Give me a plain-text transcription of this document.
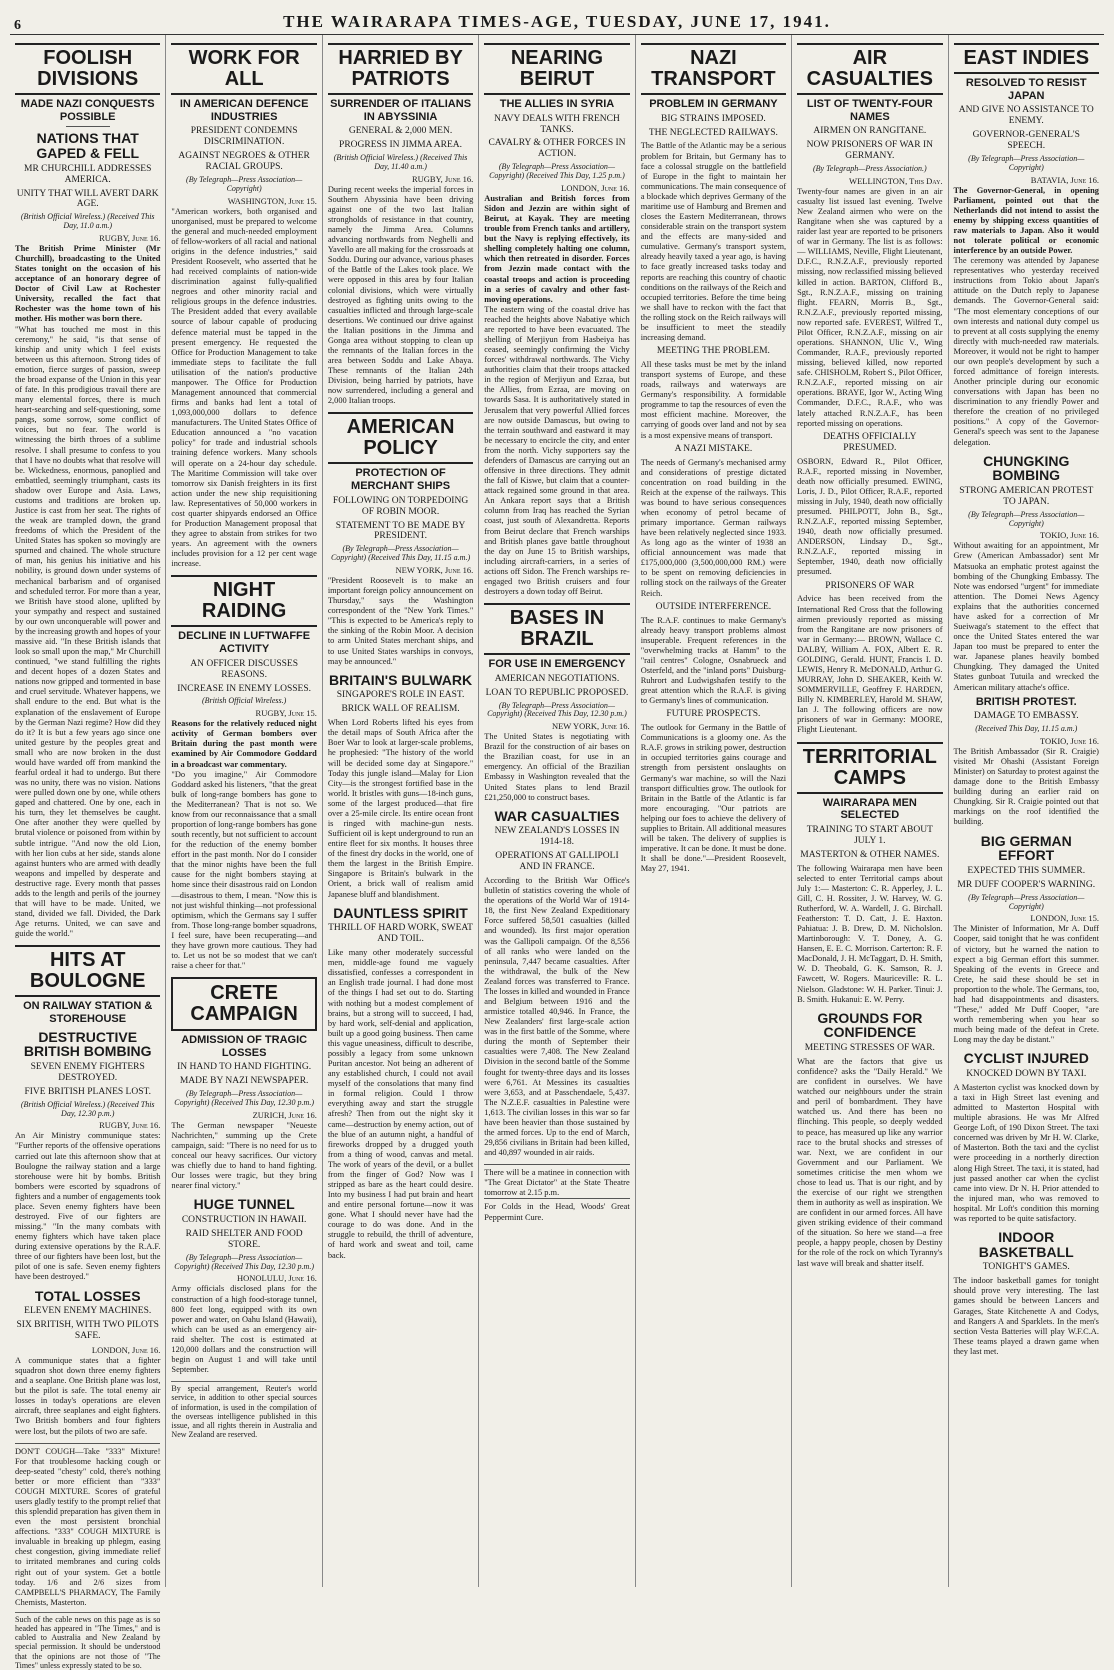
6	THE WAIRARAPA TIMES-AGE, TUESDAY, JUNE 17, 1941.
FOOLISH DIVISIONS
MADE NAZI CONQUESTS POSSIBLE
NATIONS THAT GAPED & FELL
MR CHURCHILL ADDRESSES AMERICA.
UNITY THAT WILL AVERT DARK AGE.
(British Official Wireless.) (Received This Day, 11.0 a.m.)
RUGBY, June 16.

The British Prime Minister (Mr Churchill), broadcasting to the United States tonight on the occasion of his acceptance of an honorary degree of Doctor of Civil Law at Rochester University, recalled the fact that Rochester was the home town of his mother. His mother was born there.

"What has touched me most in this ceremony," he said, "is that sense of kinship and unity which I feel exists between us this afternoon. Strong tides of emotion, fierce surges of passion, sweep the broad expanse of the Union in this year of fate. In this prodigious travail there are many elemental forces, there is much heart-searching and self-questioning, some pangs, some sorrow, some conflict of voices, but no fear. The world is witnessing the birth throes of a sublime resolve. I shall presume to confess to you that I have no doubts what that resolve will be. Wickedness, enormous, panoplied and embattled, seemingly triumphant, casts its shadow over Europe and Asia. Laws, customs and traditions are broken up. Justice is cast from her seat. The rights of the weak are trampled down, the grand freedoms of which the President of the United States has spoken so movingly are spurned and chained. The whole structure of man, his genius his initiative and his nobility, is ground down under systems of mechanical barbarism and of organised and scheduled terror. For more than a year, we British have stood alone, uplifted by your sympathy and respect and sustained by our own unconquerable will power and by the increasing growth and hopes of your massive aid. "In these British islands that look so small upon the map," Mr Churchill continued, "we stand fulfilling the rights and decent hopes of a dozen States and nations now gripped and tormented in base and cruel servitude. Whatever happens, we shall endure to the end. But what is the explanation of the enslavement of Europe by the German Nazi regime? How did they do it? It is but a few years ago since one united gesture by the peoples great and small who are now broken in the dust would have warded off from mankind the fearful ordeal it had to undergo. But there was no unity, there was no vision. Nations were pulled down one by one, while others gaped and chattered. One by one, each in his turn, they let themselves be caught. One after another they were quelled by brutal violence or poisoned from within by subtle intrigue. "And now the old Lion, with her lion cubs at her side, stands alone against hunters who are armed with deadly weapons and impelled by desperate and destructive rage. Every month that passes adds to the length and perils of the journey that will have to be made. United, we stand, divided we fall. Divided, the Dark Age returns. United, we can save and guide the world."

HITS AT BOULOGNE
ON RAILWAY STATION & STOREHOUSE
DESTRUCTIVE BRITISH BOMBING
SEVEN ENEMY FIGHTERS DESTROYED.
FIVE BRITISH PLANES LOST.
(British Official Wireless.) (Received This Day, 12.30 p.m.)
RUGBY, June 16.

An Air Ministry communique states: "Further reports of the offensive operations carried out late this afternoon show that at Boulogne the railway station and a large storehouse were hit by bombs. British bombers were escorted by squadrons of fighters and a number of engagements took place. Seven enemy fighters have been destroyed. Five of our fighters are missing." "In the many combats with enemy fighters which have taken place during extensive operations by the R.A.F. three of our fighters have been lost, but the pilot of one is safe. Seven enemy fighters have been destroyed."

TOTAL LOSSES
ELEVEN ENEMY MACHINES.
SIX BRITISH, WITH TWO PILOTS SAFE.
LONDON, June 16.

A communique states that a fighter squadron shot down three enemy fighters and a seaplane. One British plane was lost, but the pilot is safe. The total enemy air losses in today's operations are eleven aircraft, three seaplanes and eight fighters. Two British bombers and four fighters were lost, but the pilots of two are safe.

DON'T COUGH—Take "333" Mixture! For that troublesome hacking cough or deep-seated "chesty" cold, there's nothing better or more efficient than "333" COUGH MIXTURE. Scores of grateful users gladly testify to the prompt relief that this splendid preparation has given them in even the most persistent bronchial affections. "333" COUGH MIXTURE is invaluable in breaking up phlegm, easing chest congestion, giving immediate relief to irritated membranes and curing colds right out of your system. Get a bottle today. 1/6 and 2/6 sizes from CAMPBELL'S PHARMACY, The Family Chemists, Masterton.
Such of the cable news on this page as is so headed has appeared in "The Times," and is cabled to Australia and New Zealand by special permission. It should be understood that the opinions are not those of "The Times" unless expressly stated to be so.
WORK FOR ALL
IN AMERICAN DEFENCE INDUSTRIES
PRESIDENT CONDEMNS DISCRIMINATION.
AGAINST NEGROES & OTHER RACIAL GROUPS.
(By Telegraph—Press Association—Copyright)
WASHINGTON, June 15.

"American workers, both organised and unorganised, must be prepared to welcome the general and much-needed employment of fellow-workers of all racial and national origins in the defence industries," said President Roosevelt, who asserted that he had received complaints of nation-wide discrimination against fully-qualified negroes and other minority racial and religious groups in the defence industries. The President added that every available source of labour capable of producing defence material must be tapped in the present emergency. He requested the Office for Production Management to take immediate steps to facilitate the full utilisation of the nation's productive manpower. The Office for Production Management announced that commercial firms and banks had lent a total of 1,093,000,000 dollars to defence manufacturers. The United States Office of Education announced a "no vacation policy" for trade and industrial schools training defence workers. Many schools will operate on a 24-hour day schedule. The Maritime Commission will take over tomorrow six Danish freighters in its first action under the new ship requisitioning law. Representatives of 50,000 workers in cost quarter shipyards endorsed an Office for Production Management proposal that they agree to abstain from strikes for two years. An agreement with the owners includes provision for a 12 per cent wage increase.

NIGHT RAIDING
DECLINE IN LUFTWAFFE ACTIVITY
AN OFFICER DISCUSSES REASONS.
INCREASE IN ENEMY LOSSES.
(British Official Wireless.)
RUGBY, June 15.

Reasons for the relatively reduced night activity of German bombers over Britain during the past month were examined by Air Commodore Goddard in a broadcast war commentary.

"Do you imagine," Air Commodore Goddard asked his listeners, "that the great bulk of long-range bombers has gone to the Mediterranean? That is not so. We know from our reconnaissance that a small proportion of long-range bombers has gone south recently, but not sufficient to account for the reduction of the enemy bomber effort in the past month. Nor do I consider that the minor nights have been the full cause for the night bombers staying at home since their disastrous raid on London—disastrous to them, I mean. "Now this is not just wishful thinking—not professional optimism, which the Germans say I suffer from. Those long-range bomber squadrons, I feel sure, have been recuperating—and they have grown more cautious. They had to. Let us not be so modest that we can't raise a cheer for that."

CRETE CAMPAIGN
ADMISSION OF TRAGIC LOSSES
IN HAND TO HAND FIGHTING.
MADE BY NAZI NEWSPAPER.
(By Telegraph—Press Association—Copyright) (Received This Day, 12.30 p.m.)
ZURICH, June 16.

The German newspaper "Neueste Nachrichten," summing up the Crete campaign, said: "There is no need for us to conceal our heavy sacrifices. Our victory was chiefly due to hand to hand fighting. Our losses were tragic, but they bring nearer final victory."

HUGE TUNNEL
CONSTRUCTION IN HAWAII.
RAID SHELTER AND FOOD STORE.
(By Telegraph—Press Association—Copyright) (Received This Day, 12.30 p.m.)
HONOLULU, June 16.

Army officials disclosed plans for the construction of a high food-storage tunnel, 800 feet long, equipped with its own power and water, on Oahu Island (Hawaii), which can be used as an emergency air-raid shelter. The cost is estimated at 120,000 dollars and the construction will begin on August 1 and will take until September.

By special arrangement, Reuter's world service, in addition to other special sources of information, is used in the compilation of the overseas intelligence published in this issue, and all rights therein in Australia and New Zealand are reserved.
HARRIED BY PATRIOTS
SURRENDER OF ITALIANS IN ABYSSINIA
GENERAL & 2,000 MEN.
PROGRESS IN JIMMA AREA.
(British Official Wireless.) (Received This Day, 11.40 a.m.)
RUGBY, June 16.

During recent weeks the imperial forces in Southern Abyssinia have been driving against one of the two last Italian strongholds of resistance in that country, namely the Jimma Area. Columns advancing northwards from Neghelli and Yavello are all making for the crossroads at Soddu. During our advance, various phases of the Battle of the Lakes took place. We were opposed in this area by four Italian colonial divisions, which were virtually destroyed as fighting units owing to the casualties inflicted and through large-scale desertions. We continued our drive against the Italian positions in the Jimma and Gonga area without stopping to clean up the remnants of the Italian forces in the area between Soddu and Lake Abaya. These remnants of the Italian 24th Division, being harried by patriots, have now surrendered, including a general and 2,000 Italian troops.

AMERICAN POLICY
PROTECTION OF MERCHANT SHIPS
FOLLOWING ON TORPEDOING OF ROBIN MOOR.
STATEMENT TO BE MADE BY PRESIDENT.
(By Telegraph—Press Association—Copyright) (Received This Day, 11.15 a.m.)
NEW YORK, June 16.

"President Roosevelt is to make an important foreign policy announcement on Thursday," says the Washington correspondent of the "New York Times." "This is expected to be America's reply to the sinking of the Robin Moor. A decision to arm United States merchant ships, and to use United States warships in convoys, may be announced."

BRITAIN'S BULWARK
SINGAPORE'S ROLE IN EAST.
BRICK WALL OF REALISM.

When Lord Roberts lifted his eyes from the detail maps of South Africa after the Boer War to look at larger-scale problems, he prophesied: "The history of the world will be decided some day at Singapore." Today this jungle island—Malay for Lion City—is the strongest fortified base in the world. It bristles with guns—18-inch guns, some of the largest produced—that fire over a 25-mile circle. Its entire ocean front is ringed with machine-gun nests. Sufficient oil is kept underground to run an entire fleet for six months. It houses three of the finest dry docks in the world, one of them the largest in the British Empire. Singapore is Britain's bulwark in the Orient, a brick wall of realism amid Japanese bluff and blandishment.

DAUNTLESS SPIRIT
THRILL OF HARD WORK, SWEAT AND TOIL.

Like many other moderately successful men, middle-age found me vaguely dissatisfied, confesses a correspondent in an English trade journal. I had done most of the things I had set out to do. Starting with nothing but a modest complement of brains, but a strong will to succeed, I had, by hard work, self-denial and application, built up a good going business. Then came this vague uneasiness, difficult to describe, possibly a legacy from some unknown Puritan ancestor. Not being an adherent of any established church, I could not avail myself of the consolations that many find in formal religion. Could I throw everything away and start the struggle afresh? Then from out the night sky it came—destruction by enemy action, out of the blue of an autumn night, a handful of fireworks dropped by a drugged youth from a thing of wood, canvas and metal. The work of years of the devil, or a bullet from the finger of God? Now was I stripped as bare as the heart could desire. Into my business I had put brain and heart and entire personal fortune—now it was gone. What I should never have had the courage to do was done. And in the struggle to rebuild, the thrill of adventure, of hard work and sweat and toil, came back.

NEARING BEIRUT
THE ALLIES IN SYRIA
NAVY DEALS WITH FRENCH TANKS.
CAVALRY & OTHER FORCES IN ACTION.
(By Telegraph—Press Association—Copyright) (Received This Day, 1.25 p.m.)
LONDON, June 16.

Australian and British forces from Sidon and Jezzin are within sight of Beirut, at Kayak. They are meeting trouble from French tanks and artillery, but the Navy is replying effectively, its shelling completely halting one column, which then retreated in disorder. Forces from Jezzin made contact with the coastal troops and action is proceeding in a series of cavalry and other fast-moving operations.

The eastern wing of the coastal drive has reached the heights above Nabatiye which are reported to have been evacuated. The shelling of Merjiyun from Hasbeiya has ceased, seemingly confirming the Vichy forces' withdrawal northwards. The Vichy authorities claim that their troops attacked in the region of Merjiyun and Ezraa, but the Allies, from Ezraa, are moving on towards Sasa. It is authoritatively stated in Jerusalem that very powerful Allied forces are now outside Damascus, but owing to the terrain southward and eastward it may be necessary to encircle the city, and enter from the north. Vichy supporters say the defenders of Damascus are carrying out an offensive in three directions. They admit the fall of Kiswe, but claim that a counter-attack regained some ground in that area. An Ankara report says that a British column from Iraq has reached the Syrian coast, just south of Alexandretta. Reports from Beirut declare that French warships and British planes gave battle throughout the day on June 15 to British warships, including aircraft-carriers, in a series of actions off Sidon. The French warships re-engaged two British cruisers and four destroyers a down today off Beirut.

BASES IN BRAZIL
FOR USE IN EMERGENCY
AMERICAN NEGOTIATIONS.
LOAN TO REPUBLIC PROPOSED.
(By Telegraph—Press Association—Copyright) (Received This Day, 12.30 p.m.)
NEW YORK, June 16.

The United States is negotiating with Brazil for the construction of air bases on the Brazilian coast, for use in an emergency. An official of the Brazilian Embassy in Washington revealed that the United States plans to lend Brazil £21,250,000 to construct bases.

WAR CASUALTIES
NEW ZEALAND'S LOSSES IN 1914-18.
OPERATIONS AT GALLIPOLI AND IN FRANCE.

According to the British War Office's bulletin of statistics covering the whole of the operations of the World War of 1914-18, the first New Zealand Expeditionary Force suffered 58,501 casualties (killed and wounded). Its first major operation was the Gallipoli campaign. Of the 8,556 of all ranks who were landed on the peninsula, 7,447 became casualties. After the withdrawal, the bulk of the New Zealand forces was transferred to France. The losses in killed and wounded in France and Belgium between 1916 and the armistice totalled 40,946. In France, the New Zealanders' first large-scale action was in the first battle of the Somme, where during the month of September their casualties were 7,408. The New Zealand Division in the second battle of the Somme fought for twenty-three days and its losses were 6,761. At Messines its casualties were 3,653, and at Passchendaele, 5,437. The N.Z.E.F. casualties in Palestine were 1,613. The civilian losses in this war so far have been heavier than those sustained by the armed forces. Up to the end of March, 29,856 civilians in Britain had been killed, and 40,897 wounded in air raids.

There will be a matinee in connection with "The Great Dictator" at the State Theatre tomorrow at 2.15 p.m.
For Colds in the Head, Woods' Great Peppermint Cure.
NAZI TRANSPORT
PROBLEM IN GERMANY
BIG STRAINS IMPOSED.
THE NEGLECTED RAILWAYS.

The Battle of the Atlantic may be a serious problem for Britain, but Germany has to face a colossal struggle on the battlefield of Europe in the fight to maintain her communications. The main consequence of a blockade which deprives Germany of the maritime use of Hamburg and Bremen and closes the Eastern Mediterranean, throws considerable strain on the transport system and the effects are many-sided and cumulative. Germany's transport system, already heavily taxed a year ago, is having to face greatly increased tasks today and reports are reaching this country of chaotic conditions on the railways of the Reich and occupied territories. Before the time being we shall have to reckon with the fact that the rolling stock on the Reich railways will be insufficient to meet the steadily increasing demand.

MEETING THE PROBLEM.

All these tasks must be met by the inland transport systems of Europe, and these roads, railways and waterways are Germany's responsibility. A formidable programme to tap the resources of even the most efficient machine. Moreover, the carrying of goods over land and not by sea is a most expensive means of transport.

A NAZI MISTAKE.

The needs of Germany's mechanised army and considerations of prestige dictated concentration on road building in the Reich at the expense of the railways. This was bound to have serious consequences when economy of petrol became of primary importance. German railways have been relatively neglected since 1933. As long ago as the winter of 1938 an official announcement was made that £175,000,000 (3,500,000,000 RM.) were to be spent on removing deficiencies in rolling stock on the railways of the Greater Reich.

OUTSIDE INTERFERENCE.

The R.A.F. continues to make Germany's already heavy transport problems almost insuperable. Frequent references in the "overwhelming tracks at Hamm" to the "rail centres" Cologne, Osnabrueck and Osterfeld, and the "inland ports" Duisburg-Ruhrort and Ludwigshafen testify to the great attention which the R.A.F. is giving to Germany's lines of communication.

FUTURE PROSPECTS.

The outlook for Germany in the Battle of Communications is a gloomy one. As the R.A.F. grows in striking power, destruction in occupied territories gains courage and strength from persistent onslaughts on Germany's war machine, so will the Nazi transport difficulties grow. The outlook for Britain in the Battle of the Atlantic is far more encouraging. "Our patriots are helping our foes to achieve the delivery of supplies to Britain. All additional measures will be taken. The delivery of supplies is imperative. It can be done. It must be done. It shall be done."—President Roosevelt, May 27, 1941.

AIR CASUALTIES
LIST OF TWENTY-FOUR NAMES
AIRMEN ON RANGITANE.
NOW PRISONERS OF WAR IN GERMANY.
(By Telegraph—Press Association.)
WELLINGTON, This Day.

Twenty-four names are given in an air casualty list issued last evening. Twelve New Zealand airmen who were on the Rangitane when she was captured by a raider last year are reported to be prisoners of war in Germany. The list is as follows:— WILLIAMS, Neville, Flight Lieutenant, D.F.C., R.N.Z.A.F., previously reported missing, now reclassified missing believed killed in action. BARTON, Clifford B., Sgt., R.N.Z.A.F., missing on training flight. FEARN, Morris B., Sgt., R.N.Z.A.F., previously reported missing, now reported safe. EVEREST, Wilfred T., Pilot Officer, R.N.Z.A.F., missing on air operations. SHANNON, Ulic V., Wing Commander, R.A.F., previously reported missing, believed killed, now reported safe. CHISHOLM, Robert S., Pilot Officer, R.N.Z.A.F., reported missing on air operations. BRAYE, Igor W., Acting Wing Commander, D.F.C., R.A.F., who was lately attached R.N.Z.A.F., has been reported missing on operations.

DEATHS OFFICIALLY PRESUMED.

OSBORN, Edward R., Pilot Officer, R.A.F., reported missing in November, death now officially presumed. EWING, Loris, J. D., Pilot Officer, R.A.F., reported missing in July, 1940, death now officially presumed. PHILPOTT, John B., Sgt., R.N.Z.A.F., reported missing September, 1940, death now officially presumed. ANDERSON, Lindsay D., Sgt., R.N.Z.A.F., reported missing in September, 1940, death now officially presumed.

PRISONERS OF WAR

Advice has been received from the International Red Cross that the following airmen previously reported as missing from the Rangitane are now prisoners of war in Germany:— BROWN, Wallace C. DALBY, William A. FOX, Albert E. R. GOLDING, Gerald. HUNT, Francis I. D. LEWIS, Henry R. McDONALD, Arthur G. MURRAY, John D. SHEAKER, Keith W. SOMMERVILLE, Geoffrey F. HARDEN, Billy N. KIMBERLEY, Harold M. SHAW, Ian J. The following officers are now prisoners of war in Germany: MOORE, Flight Lieutenant.

TERRITORIAL CAMPS
WAIRARAPA MEN SELECTED
TRAINING TO START ABOUT JULY 1.
MASTERTON & OTHER NAMES.

The following Wairarapa men have been selected to enter Territorial camps about July 1:— Masterton: C. R. Apperley, J. L. Gill, C. H. Rossiter, J. W. Harvey, W. G. Rutherford, W. A. Wardell, J. G. Birchall. Featherston: T. D. Catt, J. E. Haxton. Pahiatua: J. B. Drew, D. M. Nicholslon. Martinborough: V. T. Doney, A. G. Hansen, E. E. C. Morrison. Carterton: R. F. MacDonald, J. H. McTaggart, D. H. Smith, W. D. Theobald, G. K. Samson, R. J. Fawcett, W. Rogers. Mauriceville: R. L. Nielson. Gladstone: W. H. Parker. Tinui: J. B. Smith. Hukanui: E. W. Perry.

GROUNDS FOR CONFIDENCE
MEETING STRESSES OF WAR.

What are the factors that give us confidence? asks the "Daily Herald." We are confident in ourselves. We have watched our neighbours under the strain and peril of bombardment. They have watched us. And there has been no flinching. This people, so deeply wedded to peace, has measured up like any warrior race to the brutal shocks and stresses of war. Next, we are confident in our Government and our Parliament. We sometimes criticise the men whom we chose to lead us. That is our right, and by the exercise of our right we strengthen them in authority as well as inspiration. We are confident in our armed forces. All have given striking evidence of their command of the situation. So here we stand—a free people, a happy people, chosen by Destiny for the role of the rock on which Tyranny's last wave will break and shatter itself.

EAST INDIES
RESOLVED TO RESIST JAPAN
AND GIVE NO ASSISTANCE TO ENEMY.
GOVERNOR-GENERAL'S SPEECH.
(By Telegraph—Press Association—Copyright)
BATAVIA, June 16.

The Governor-General, in opening Parliament, pointed out that the Netherlands did not intend to assist the enemy by shipping excess quantities of raw materials to Japan. Also it would not tolerate political or economic interference by an outside Power.

The ceremony was attended by Japanese representatives who yesterday received instructions from Tokio about Japan's attitude on the Dutch reply to Japanese demands. The Governor-General said: "The most elementary conceptions of our own interests and national duty compel us to prevent at all costs supplying the enemy directly with much-needed raw materials. Moreover, it would not be right to hamper our own people's development by such a forced admittance of foreign interests. Another principle during our economic conversations with Japan has been no discrimination to any friendly Power and therefore the creation of no privileged positions." A copy of the Governor-General's speech was sent to the Japanese delegation.

CHUNGKING BOMBING
STRONG AMERICAN PROTEST TO JAPAN.
(By Telegraph—Press Association—Copyright)
TOKIO, June 16.

Without awaiting for an appointment, Mr Grew (American Ambassador) sent Mr Matsuoka an emphatic protest against the bombing of the Chungking Embassy. The Note was endorsed "urgent" for immediate attention. The Domei News Agency explains that the authorities concerned have asked for a correction of Mr Sueiwaga's statement to the effect that once the United States entered the war Japan too must be prepared to enter the war. Japanese planes heavily bombed Chungking. They damaged the United States gunboat Tutuila and wrecked the American military attache's office.

BRITISH PROTEST.
DAMAGE TO EMBASSY.
(Received This Day, 11.15 a.m.)
TOKIO, June 16.

The British Ambassador (Sir R. Craigie) visited Mr Ohashi (Assistant Foreign Minister) on Saturday to protest against the damage done to the British Embassy building during an earlier raid on Chungking. Sir R. Craigie pointed out that markings on the roof identified the building.

BIG GERMAN EFFORT
EXPECTED THIS SUMMER.
MR DUFF COOPER'S WARNING.
(By Telegraph—Press Association—Copyright)
LONDON, June 15.

The Minister of Information, Mr A. Duff Cooper, said tonight that he was confident of victory, but he warned the nation to expect a big German effort this summer. Speaking of the events in Greece and Crete, he said these should be set in proportion to the whole. The Germans, too, had had disappointments and disasters. "These," added Mr Duff Cooper, "are worth remembering when you hear so much being made of the defeat in Crete. Long may the day be distant."

CYCLIST INJURED
KNOCKED DOWN BY TAXI.

A Masterton cyclist was knocked down by a taxi in High Street last evening and admitted to Masterton Hospital with multiple abrasions. He was Mr Alfred George Loft, of 190 Dixon Street. The taxi concerned was driven by Mr H. W. Clarke, of Masterton. Both the taxi and the cyclist were proceeding in a northerly direction along High Street. The taxi, it is stated, had just passed another car when the cyclist came into view. Dr N. H. Prior attended to the injured man, who was removed to hospital. Mr Loft's condition this morning was reported to be quite satisfactory.

INDOOR BASKETBALL
TONIGHT'S GAMES.

The indoor basketball games for tonight should prove very interesting. The last games should be between Lancers and Garages, State Kitchenette A and Codys, and Rangers A and Sparklets. In the men's section Vesta Batteries will play W.F.C.A. These teams played a drawn game when they last met.
